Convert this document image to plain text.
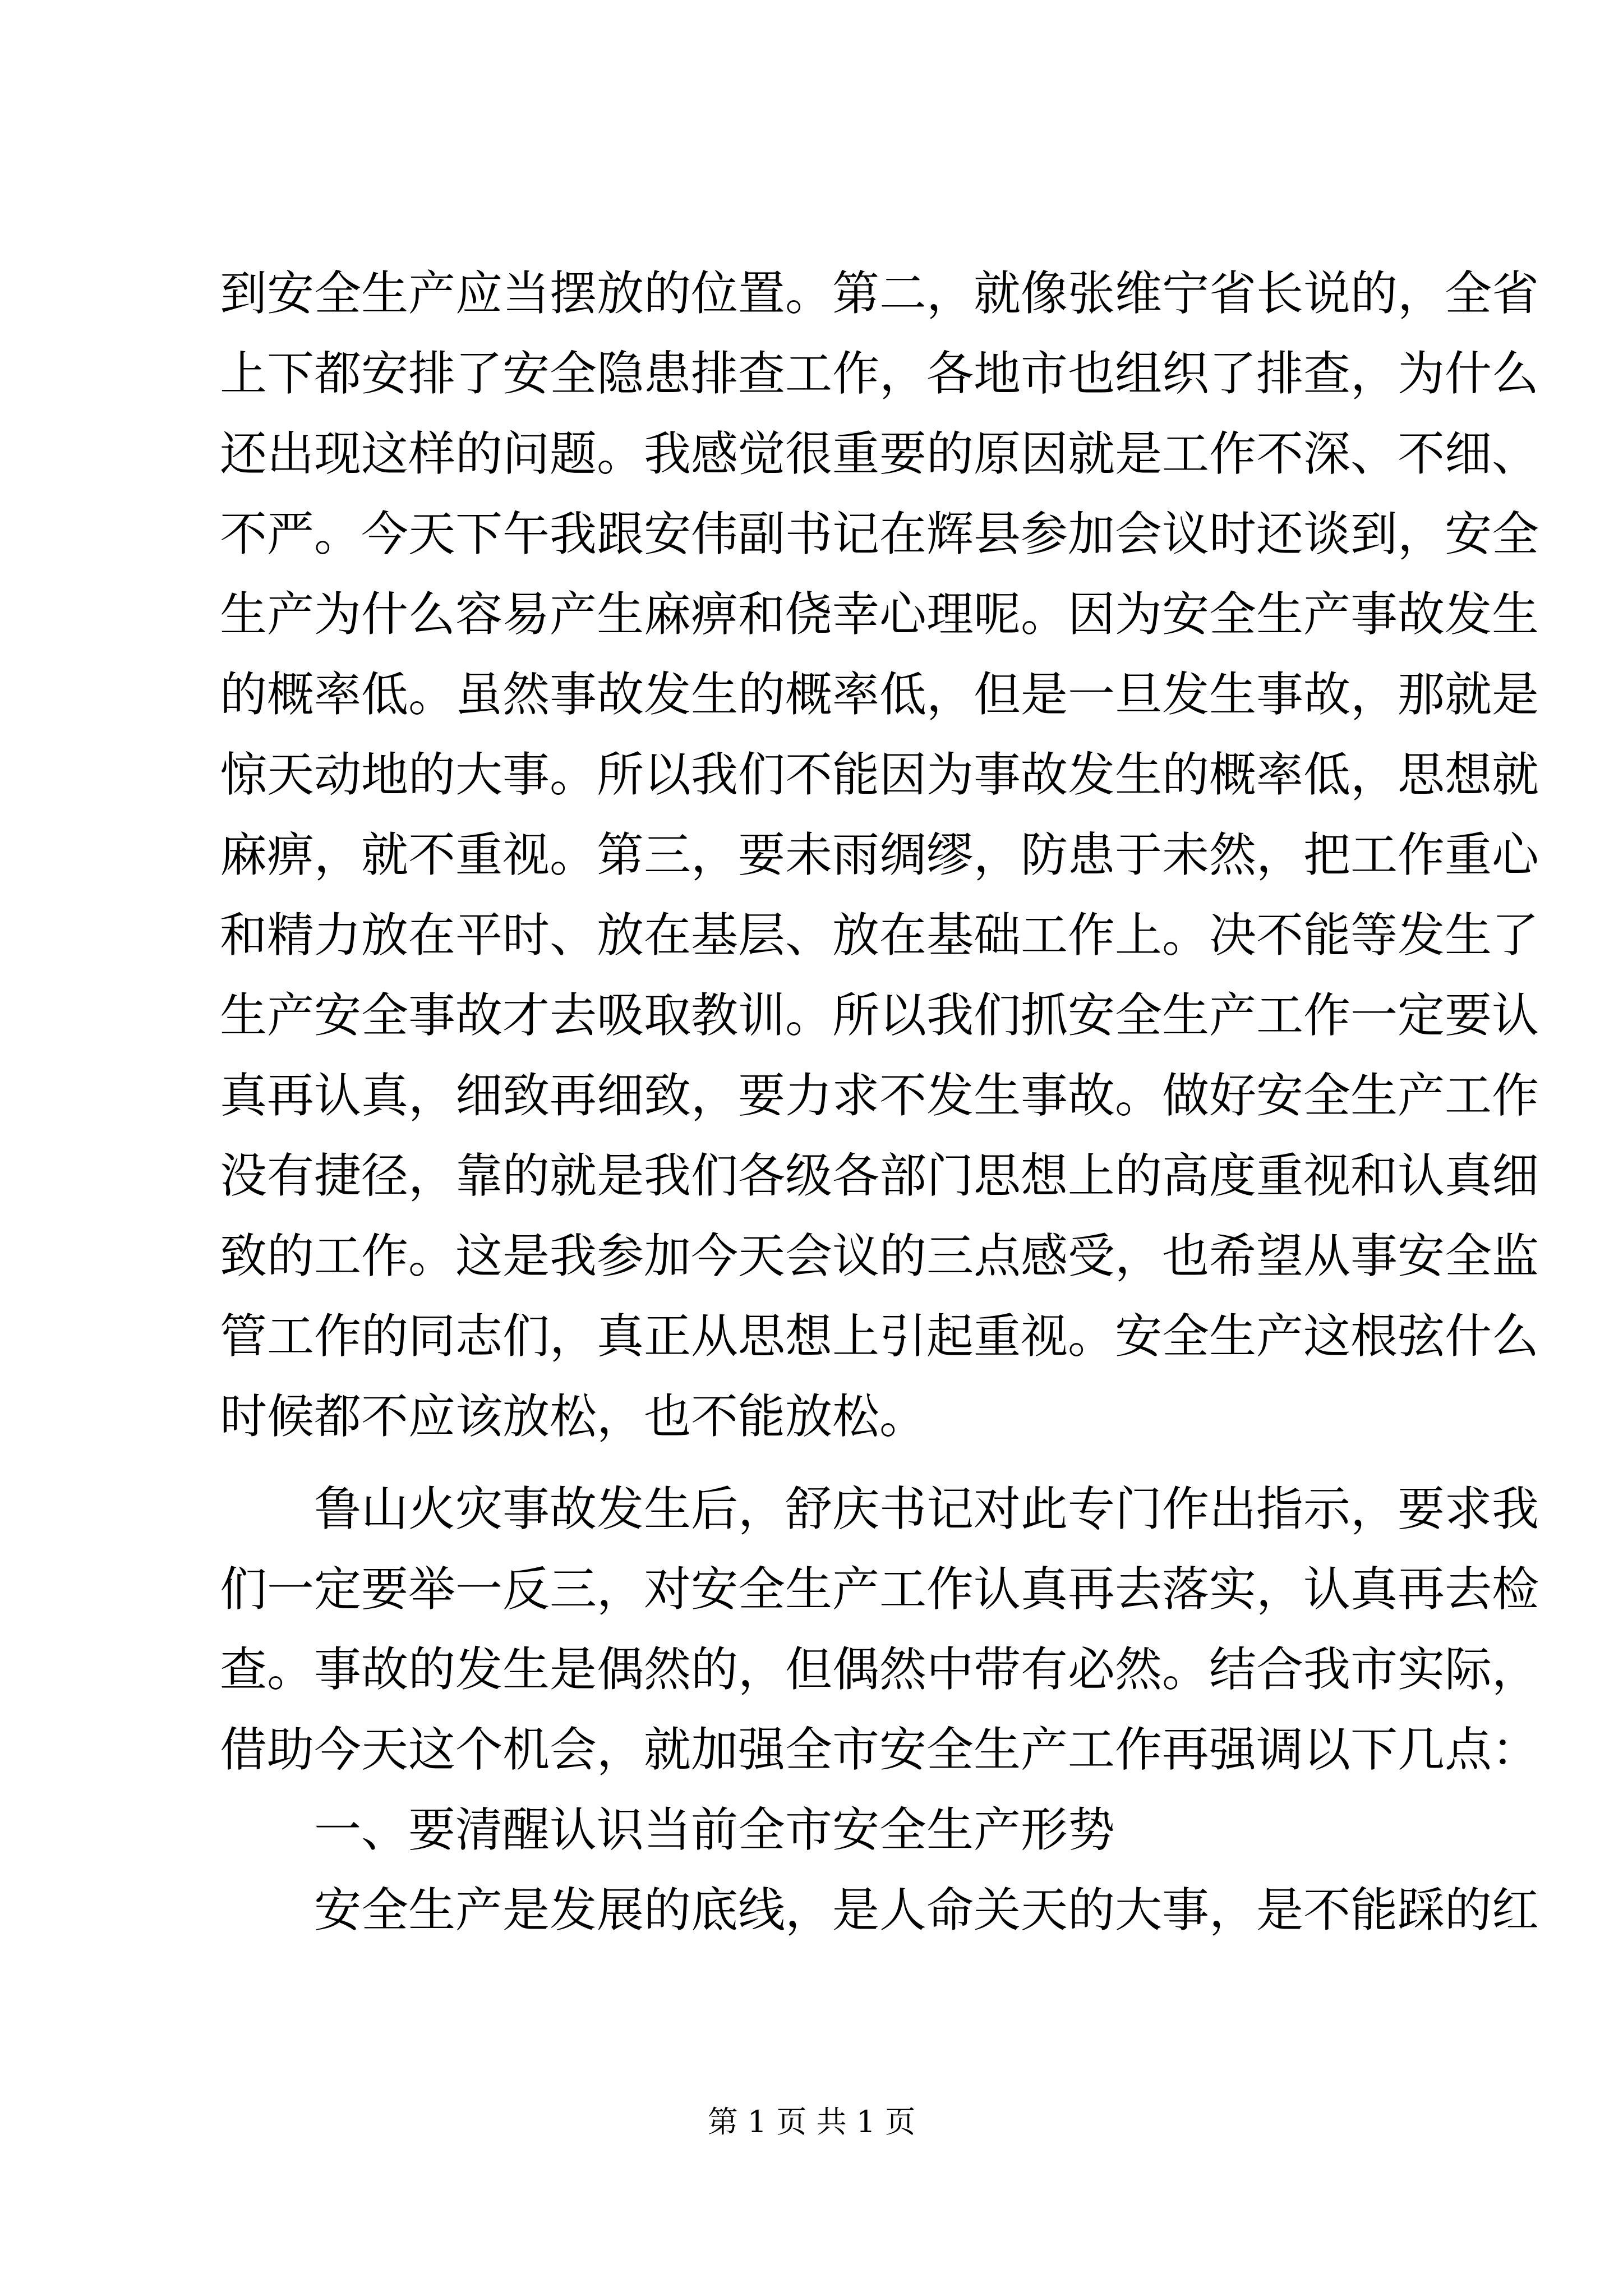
到安全生产应当摆放的位置。第二，就像张维宁省长说的，全省
上下都安排了安全隐患排查工作，各地市也组织了排查，为什么
还出现这样的问题。我感觉很重要的原因就是工作不深、不细、
不严。今天下午我跟安伟副书记在辉县参加会议时还谈到，安全
生产为什么容易产生麻痹和侥幸心理呢。因为安全生产事故发生
的概率低。虽然事故发生的概率低，但是一旦发生事故，那就是
惊天动地的大事。所以我们不能因为事故发生的概率低，思想就
麻痹，就不重视。第三，要未雨绸缪，防患于未然，把工作重心
和精力放在平时、放在基层、放在基础工作上。决不能等发生了
生产安全事故才去吸取教训。所以我们抓安全生产工作一定要认
真再认真，细致再细致，要力求不发生事故。做好安全生产工作
没有捷径，靠的就是我们各级各部门思想上的高度重视和认真细
致的工作。这是我参加今天会议的三点感受，也希望从事安全监
管工作的同志们，真正从思想上引起重视。安全生产这根弦什么
时候都不应该放松，也不能放松。
鲁山火灾事故发生后，舒庆书记对此专门作出指示，要求我
们一定要举一反三，对安全生产工作认真再去落实，认真再去检
查。事故的发生是偶然的，但偶然中带有必然。结合我市实际，
借助今天这个机会，就加强全市安全生产工作再强调以下几点：
一、要清醒认识当前全市安全生产形势
安全生产是发展的底线，是人命关天的大事，是不能踩的红
第 1 页 共 1 页
